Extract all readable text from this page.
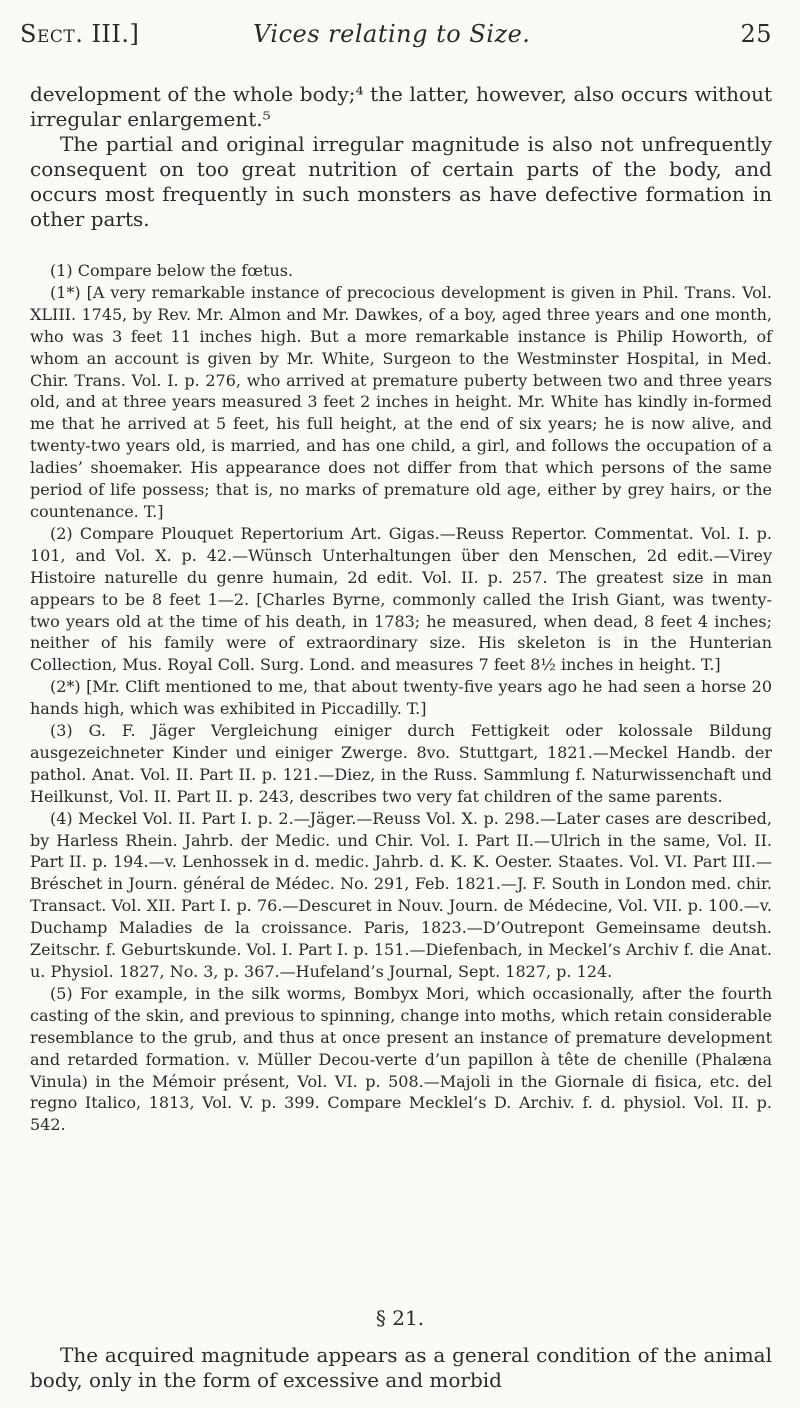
Sect. III.]	Vices relating to Size.	25

development of the whole body;⁴ the latter, however, also occurs without irregular enlargement.⁵

The partial and original irregular magnitude is also not unfrequently consequent on too great nutrition of certain parts of the body, and occurs most frequently in such monsters as have defective formation in other parts.

(1) Compare below the fœtus.

(1*) [A very remarkable instance of precocious development is given in Phil. Trans. Vol. XLIII. 1745, by Rev. Mr. Almon and Mr. Dawkes, of a boy, aged three years and one month, who was 3 feet 11 inches high. But a more remarkable instance is Philip Howorth, of whom an account is given by Mr. White, Surgeon to the Westminster Hospital, in Med. Chir. Trans. Vol. I. p. 276, who arrived at premature puberty between two and three years old, and at three years measured 3 feet 2 inches in height. Mr. White has kindly in-formed me that he arrived at 5 feet, his full height, at the end of six years; he is now alive, and twenty-two years old, is married, and has one child, a girl, and follows the occupation of a ladies’ shoemaker. His appearance does not differ from that which persons of the same period of life possess; that is, no marks of premature old age, either by grey hairs, or the countenance. T.]

(2) Compare Plouquet Repertorium Art. Gigas.—Reuss Repertor. Commentat. Vol. I. p. 101, and Vol. X. p. 42.—Wünsch Unterhaltungen über den Menschen, 2d edit.—Virey Histoire naturelle du genre humain, 2d edit. Vol. II. p. 257. The greatest size in man appears to be 8 feet 1—2. [Charles Byrne, commonly called the Irish Giant, was twenty-two years old at the time of his death, in 1783; he measured, when dead, 8 feet 4 inches; neither of his family were of extraordinary size. His skeleton is in the Hunterian Collection, Mus. Royal Coll. Surg. Lond. and measures 7 feet 8½ inches in height. T.]

(2*) [Mr. Clift mentioned to me, that about twenty-five years ago he had seen a horse 20 hands high, which was exhibited in Piccadilly. T.]

(3) G. F. Jäger Vergleichung einiger durch Fettigkeit oder kolossale Bildung ausgezeichneter Kinder und einiger Zwerge. 8vo. Stuttgart, 1821.—Meckel Handb. der pathol. Anat. Vol. II. Part II. p. 121.—Diez, in the Russ. Sammlung f. Naturwissenchaft und Heilkunst, Vol. II. Part II. p. 243, describes two very fat children of the same parents.

(4) Meckel Vol. II. Part I. p. 2.—Jäger.—Reuss Vol. X. p. 298.—Later cases are described, by Harless Rhein. Jahrb. der Medic. und Chir. Vol. I. Part II.—Ulrich in the same, Vol. II. Part II. p. 194.—v. Lenhossek in d. medic. Jahrb. d. K. K. Oester. Staates. Vol. VI. Part III.—Bréschet in Journ. général de Médec. No. 291, Feb. 1821.—J. F. South in London med. chir. Transact. Vol. XII. Part I. p. 76.—Descuret in Nouv. Journ. de Médecine, Vol. VII. p. 100.—v. Duchamp Maladies de la croissance. Paris, 1823.—D’Outrepont Gemeinsame deutsh. Zeitschr. f. Geburtskunde. Vol. I. Part I. p. 151.—Diefenbach, in Meckel’s Archiv f. die Anat. u. Physiol. 1827, No. 3, p. 367.—Hufeland’s Journal, Sept. 1827, p. 124.

(5) For example, in the silk worms, Bombyx Mori, which occasionally, after the fourth casting of the skin, and previous to spinning, change into moths, which retain considerable resemblance to the grub, and thus at once present an instance of premature development and retarded formation. v. Müller Decou-verte d’un papillon à tête de chenille (Phalæna Vinula) in the Mémoir présent, Vol. VI. p. 508.—Majoli in the Giornale di fisica, etc. del regno Italico, 1813, Vol. V. p. 399. Compare Mecklel’s D. Archiv. f. d. physiol. Vol. II. p. 542.

§ 21.

The acquired magnitude appears as a general condition of the animal body, only in the form of excessive and morbid
